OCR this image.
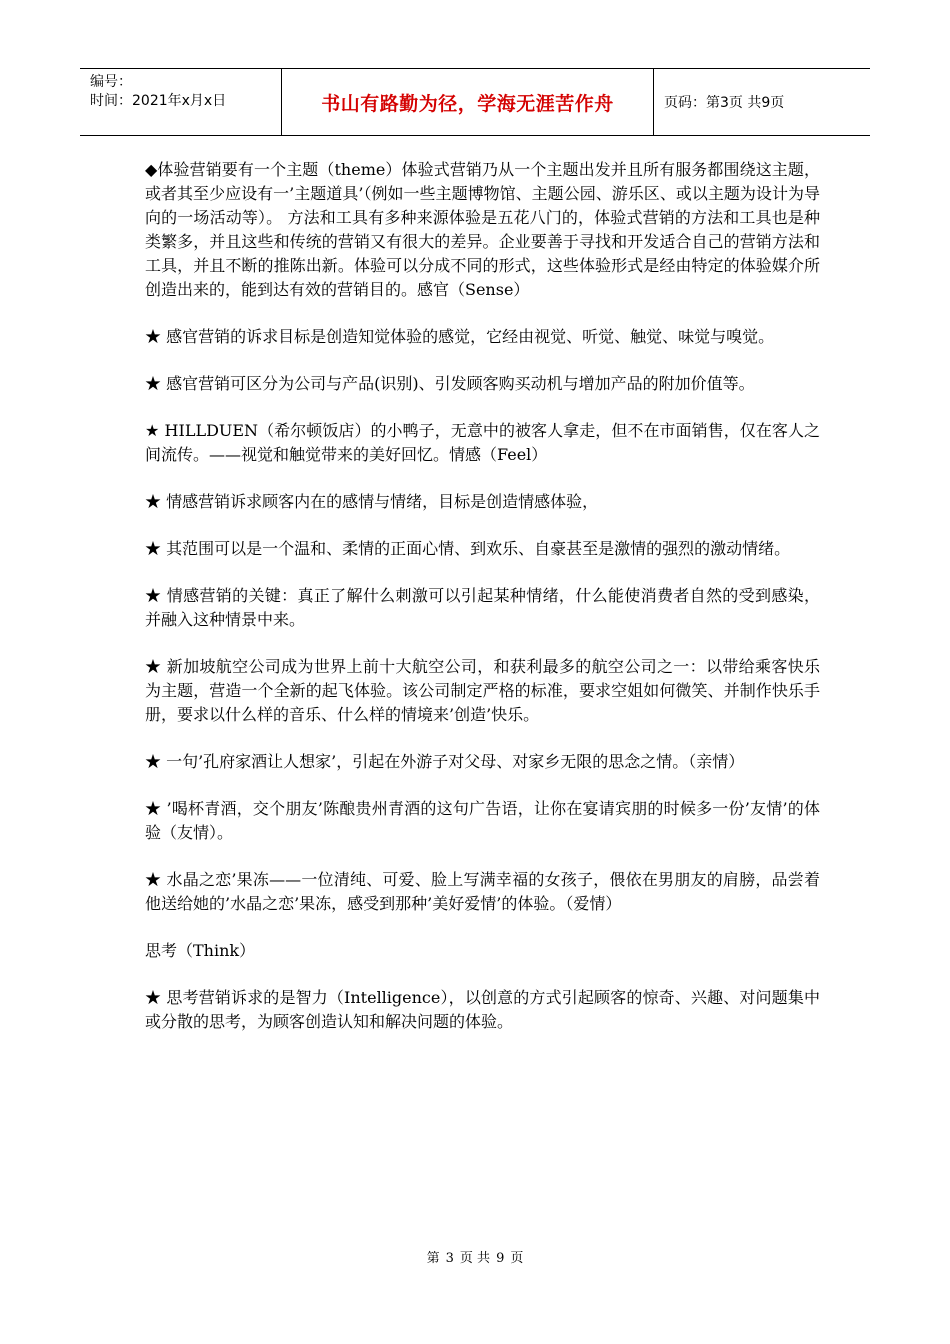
编号：
时间：2021年x月x日	书山有路勤为径，学海无涯苦作舟	页码：第3页 共9页

◆体验营销要有一个主题（theme）体验式营销乃从一个主题出发并且所有服务都围绕这主题，或者其至少应设有一’主题道具’（例如一些主题博物馆、主题公园、游乐区、或以主题为设计为导向的一场活动等）。 方法和工具有多种来源体验是五花八门的，体验式营销的方法和工具也是种类繁多，并且这些和传统的营销又有很大的差异。企业要善于寻找和开发适合自己的营销方法和工具，并且不断的推陈出新。体验可以分成不同的形式，这些体验形式是经由特定的体验媒介所创造出来的，能到达有效的营销目的。感官（Sense）

★ 感官营销的诉求目标是创造知觉体验的感觉，它经由视觉、听觉、触觉、味觉与嗅觉。

★ 感官营销可区分为公司与产品(识别)、引发顾客购买动机与增加产品的附加价值等。

★ HILLDUEN（希尔顿饭店）的小鸭子，无意中的被客人拿走，但不在市面销售，仅在客人之间流传。——视觉和触觉带来的美好回忆。情感（Feel）

★ 情感营销诉求顾客内在的感情与情绪，目标是创造情感体验，

★ 其范围可以是一个温和、柔情的正面心情、到欢乐、自豪甚至是激情的强烈的激动情绪。

★ 情感营销的关键：真正了解什么刺激可以引起某种情绪，什么能使消费者自然的受到感染，并融入这种情景中来。

★ 新加坡航空公司成为世界上前十大航空公司，和获利最多的航空公司之一：以带给乘客快乐为主题，营造一个全新的起飞体验。该公司制定严格的标准，要求空姐如何微笑、并制作快乐手册，要求以什么样的音乐、什么样的情境来’创造’快乐。

★ 一句’孔府家酒让人想家’，引起在外游子对父母、对家乡无限的思念之情。（亲情）

★ ’喝杯青酒，交个朋友’陈酿贵州青酒的这句广告语，让你在宴请宾朋的时候多一份’友情’的体验（友情）。

★ 水晶之恋’果冻——一位清纯、可爱、脸上写满幸福的女孩子，偎依在男朋友的肩膀，品尝着他送给她的’水晶之恋’果冻，感受到那种’美好爱情’的体验。（爱情）

思考（Think）

★ 思考营销诉求的是智力（Intelligence），以创意的方式引起顾客的惊奇、兴趣、对问题集中或分散的思考，为顾客创造认知和解决问题的体验。

第 3 页 共 9 页
